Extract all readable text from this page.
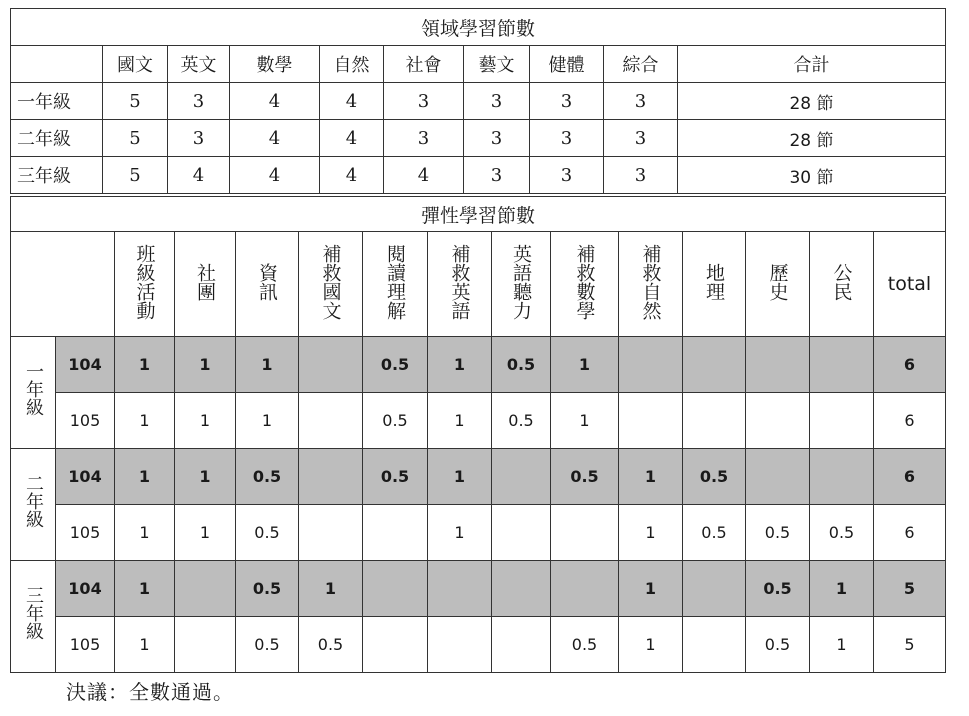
領域學習節數									
	國文	英文	數學	自然	社會	藝文	健體	綜合	合計
一年級	5	3	4	4	3	3	3	3	28 節
二年級	5	3	4	4	3	3	3	3	28 節
三年級	5	4	4	4	4	3	3	3	30 節
彈性學習節數														
		班級活動	社團	資訊	補救國文	閱讀理解	補救英語	英語聽力	補救數學	補救自然	地理	歷史	公民	total
一年級	104	1	1	1		0.5	1	0.5	1					6
	105	1	1	1		0.5	1	0.5	1					6
二年級	104	1	1	0.5		0.5	1		0.5	1	0.5			6
	105	1	1	0.5			1			1	0.5	0.5	0.5	6
三年級	104	1		0.5	1					1		0.5	1	5
	105	1		0.5	0.5				0.5	1		0.5	1	5
決議：全數通過。
